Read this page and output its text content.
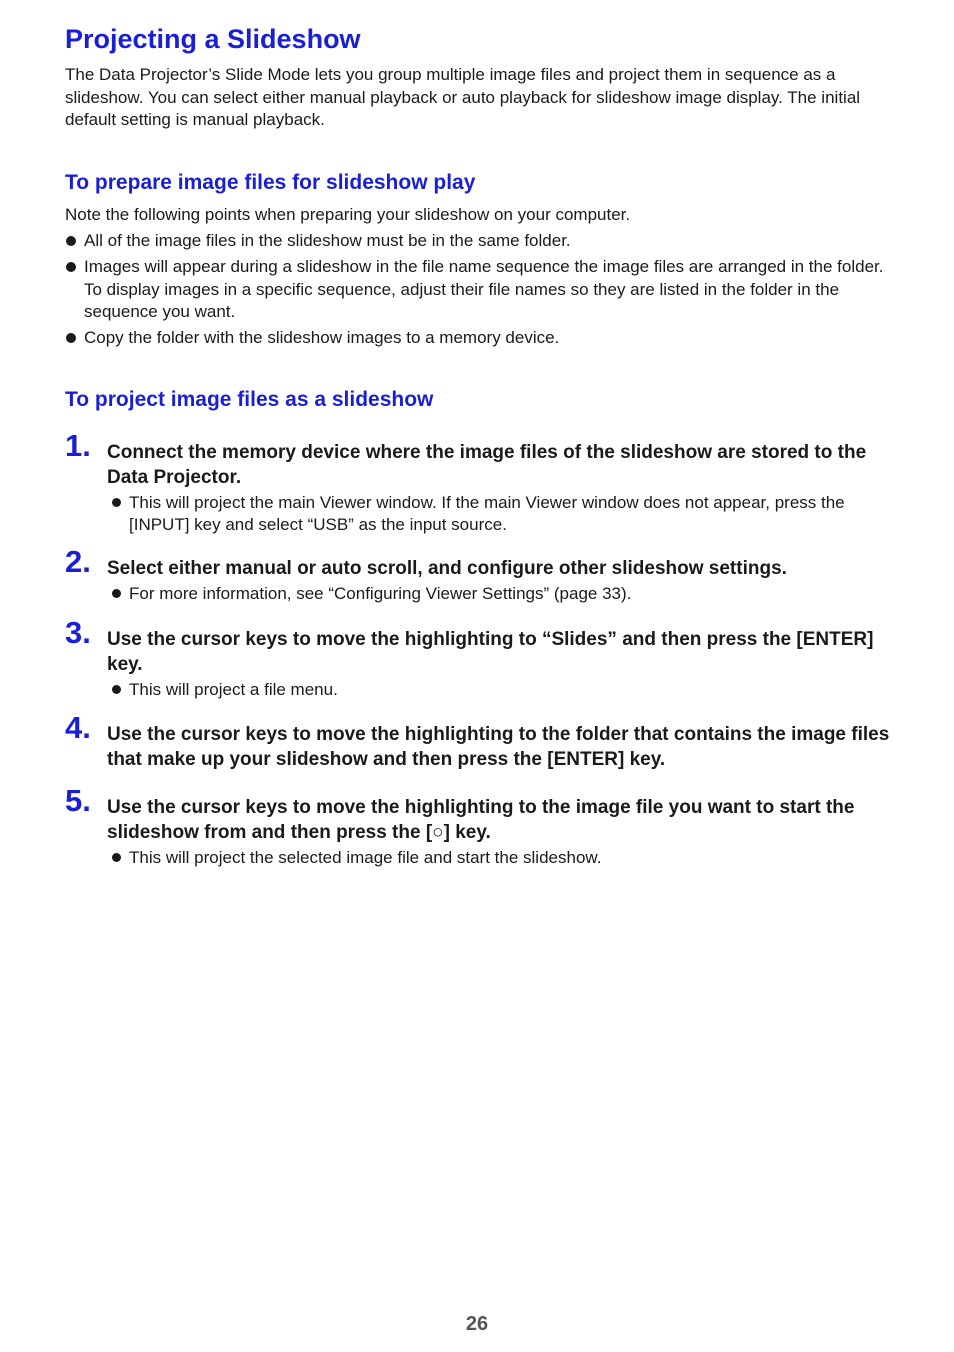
Projecting a Slideshow

The Data Projector’s Slide Mode lets you group multiple image files and project them in sequence as a slideshow. You can select either manual playback or auto playback for slideshow image display. The initial default setting is manual playback.

To prepare image files for slideshow play

Note the following points when preparing your slideshow on your computer.

All of the image files in the slideshow must be in the same folder.
Images will appear during a slideshow in the file name sequence the image files are arranged in the folder. To display images in a specific sequence, adjust their file names so they are listed in the folder in the sequence you want.
Copy the folder with the slideshow images to a memory device.
To project image files as a slideshow
1. Connect the memory device where the image files of the slideshow are stored to the Data Projector.

This will project the main Viewer window. If the main Viewer window does not appear, press the [INPUT] key and select “USB” as the input source.
2. Select either manual or auto scroll, and configure other slideshow settings.

For more information, see “Configuring Viewer Settings” (page 33).
3. Use the cursor keys to move the highlighting to “Slides” and then press the [ENTER] key.

This will project a file menu.
4. Use the cursor keys to move the highlighting to the folder that contains the image files that make up your slideshow and then press the [ENTER] key.

5. Use the cursor keys to move the highlighting to the image file you want to start the slideshow from and then press the [○] key.

This will project the selected image file and start the slideshow.
26
